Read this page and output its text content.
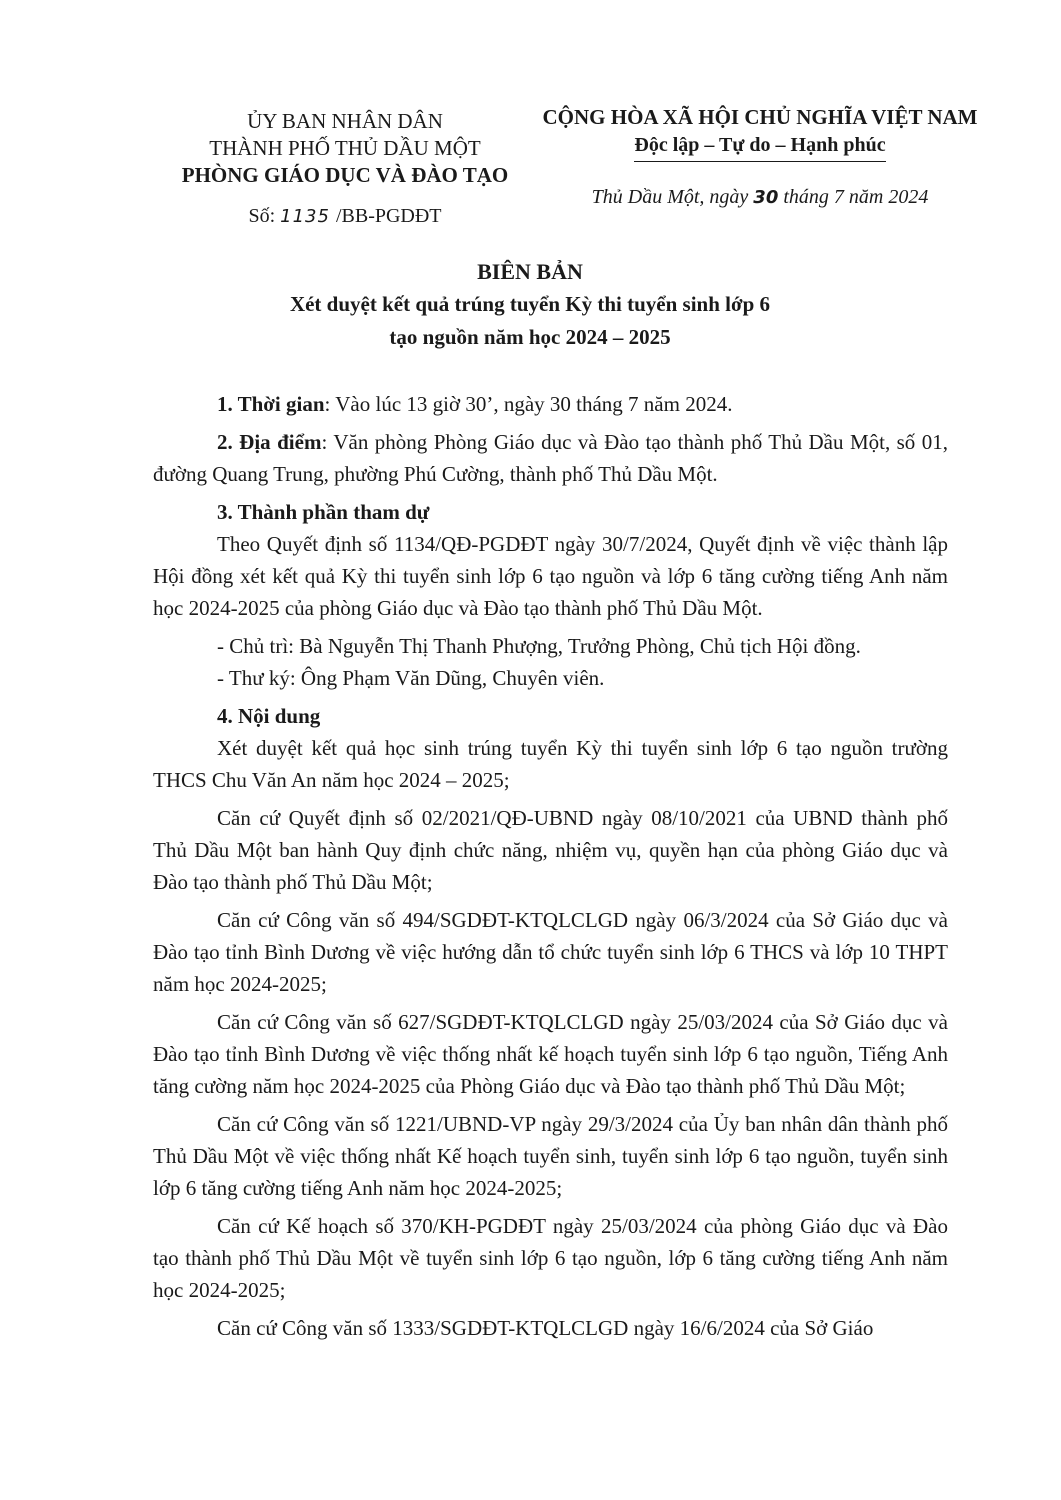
ỦY BAN NHÂN DÂN
THÀNH PHỐ THỦ DẦU MỘT
PHÒNG GIÁO DỤC VÀ ĐÀO TẠO
Số: 1135 /BB-PGDĐT
CỘNG HÒA XÃ HỘI CHỦ NGHĨA VIỆT NAM
Độc lập – Tự do – Hạnh phúc
Thủ Dầu Một, ngày 30 tháng 7 năm 2024
BIÊN BẢN
Xét duyệt kết quả trúng tuyển Kỳ thi tuyển sinh lớp 6
tạo nguồn năm học 2024 – 2025

1. Thời gian: Vào lúc 13 giờ 30’, ngày 30 tháng 7 năm 2024.

2. Địa điểm: Văn phòng Phòng Giáo dục và Đào tạo thành phố Thủ Dầu Một, số 01, đường Quang Trung, phường Phú Cường, thành phố Thủ Dầu Một.

3. Thành phần tham dự

Theo Quyết định số 1134/QĐ-PGDĐT ngày 30/7/2024, Quyết định về việc thành lập Hội đồng xét kết quả Kỳ thi tuyển sinh lớp 6 tạo nguồn và lớp 6 tăng cường tiếng Anh năm học 2024-2025 của phòng Giáo dục và Đào tạo thành phố Thủ Dầu Một.

- Chủ trì: Bà Nguyễn Thị Thanh Phượng, Trưởng Phòng, Chủ tịch Hội đồng.

- Thư ký: Ông Phạm Văn Dũng, Chuyên viên.

4. Nội dung

Xét duyệt kết quả học sinh trúng tuyển Kỳ thi tuyển sinh lớp 6 tạo nguồn trường THCS Chu Văn An năm học 2024 – 2025;

Căn cứ Quyết định số 02/2021/QĐ-UBND ngày 08/10/2021 của UBND thành phố Thủ Dầu Một ban hành Quy định chức năng, nhiệm vụ, quyền hạn của phòng Giáo dục và Đào tạo thành phố Thủ Dầu Một;

Căn cứ Công văn số 494/SGDĐT-KTQLCLGD ngày 06/3/2024 của Sở Giáo dục và Đào tạo tỉnh Bình Dương về việc hướng dẫn tổ chức tuyển sinh lớp 6 THCS và lớp 10 THPT năm học 2024-2025;

Căn cứ Công văn số 627/SGDĐT-KTQLCLGD ngày 25/03/2024 của Sở Giáo dục và Đào tạo tỉnh Bình Dương về việc thống nhất kế hoạch tuyển sinh lớp 6 tạo nguồn, Tiếng Anh tăng cường năm học 2024-2025 của Phòng Giáo dục và Đào tạo thành phố Thủ Dầu Một;

Căn cứ Công văn số 1221/UBND-VP ngày 29/3/2024 của Ủy ban nhân dân thành phố Thủ Dầu Một về việc thống nhất Kế hoạch tuyển sinh, tuyển sinh lớp 6 tạo nguồn, tuyển sinh lớp 6 tăng cường tiếng Anh năm học 2024-2025;

Căn cứ Kế hoạch số 370/KH-PGDĐT ngày 25/03/2024 của phòng Giáo dục và Đào tạo thành phố Thủ Dầu Một về tuyển sinh lớp 6 tạo nguồn, lớp 6 tăng cường tiếng Anh năm học 2024-2025;

Căn cứ Công văn số 1333/SGDĐT-KTQLCLGD ngày 16/6/2024 của Sở Giáo
